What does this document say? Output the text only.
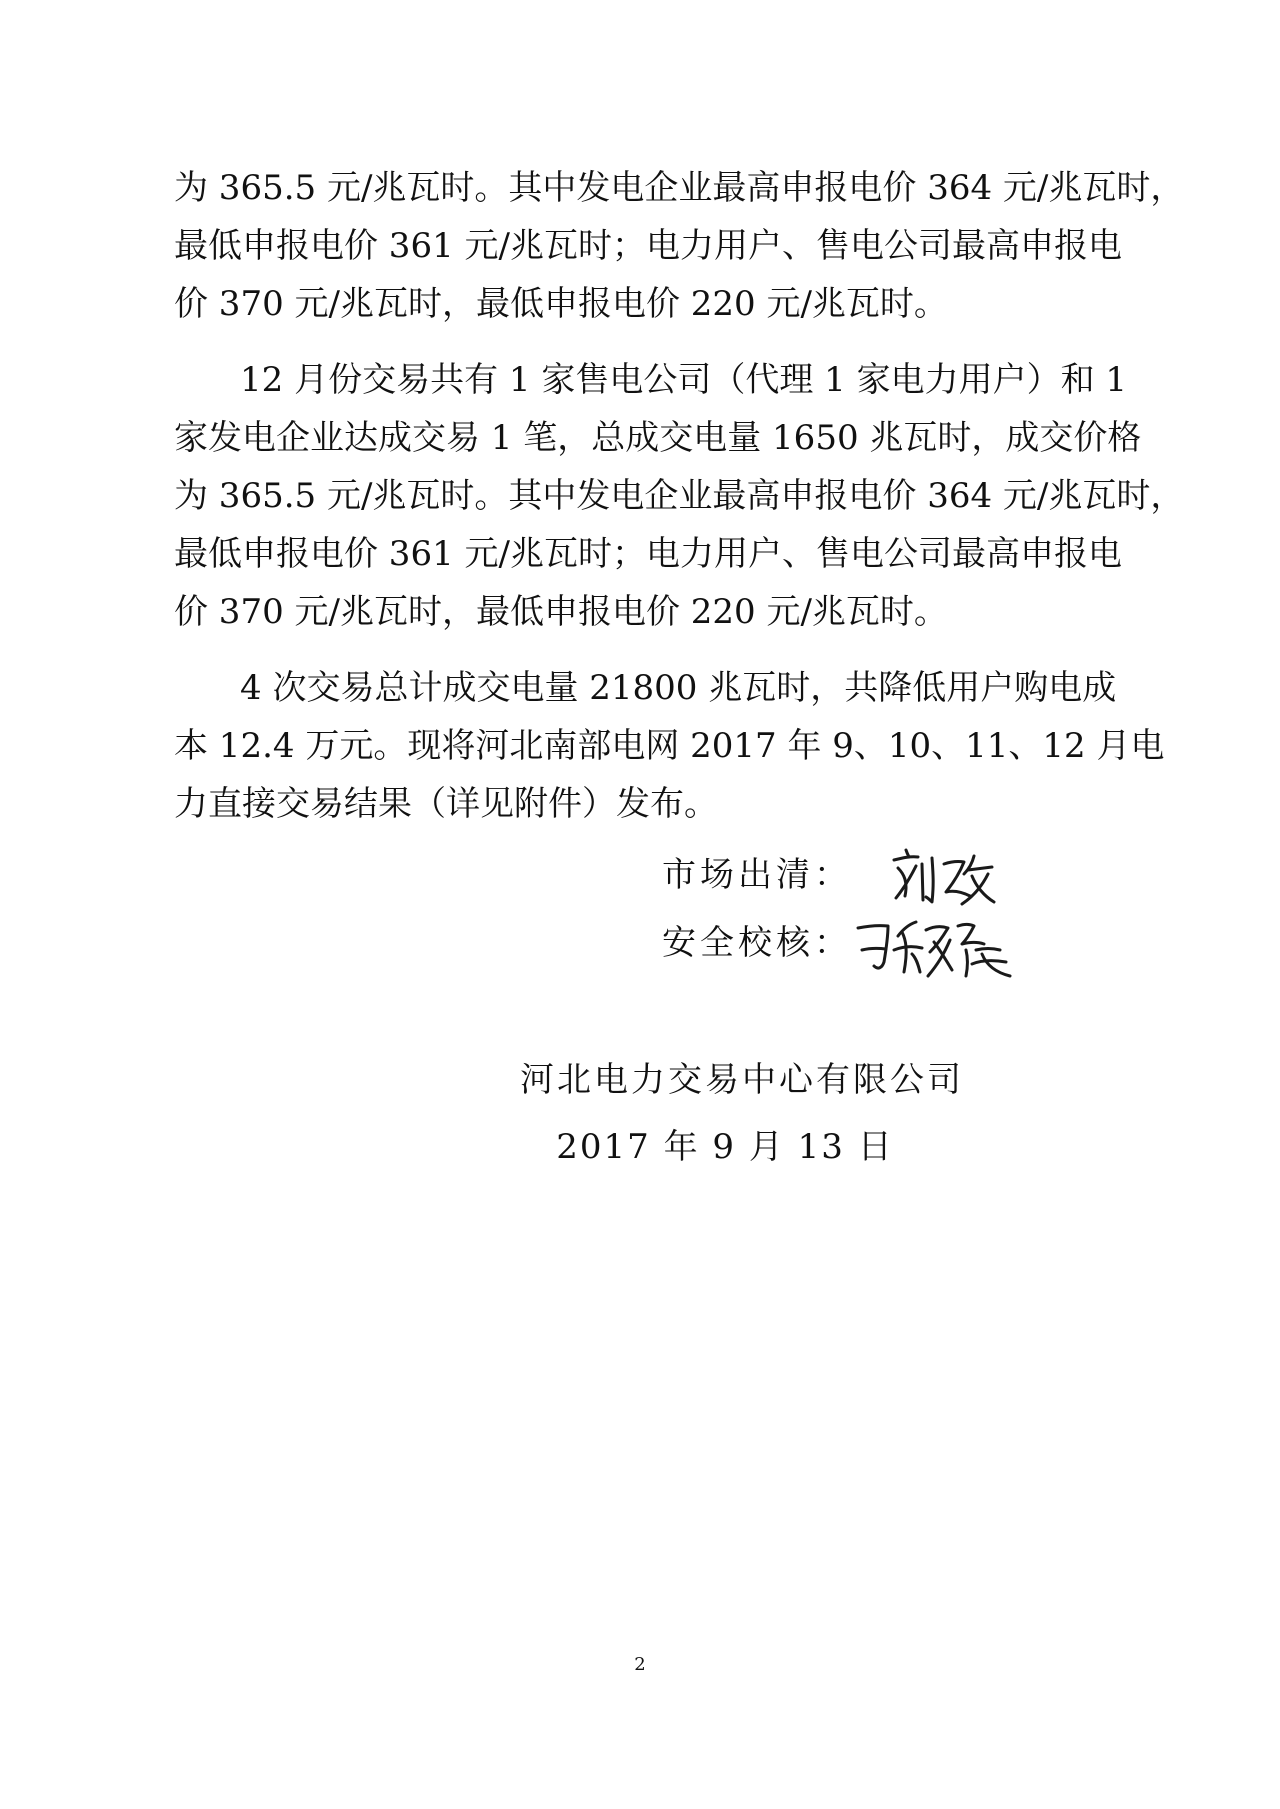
为 365.5 元/兆瓦时。其中发电企业最高申报电价 364 元/兆瓦时，
最低申报电价 361 元/兆瓦时；电力用户、售电公司最高申报电
价 370 元/兆瓦时，最低申报电价 220 元/兆瓦时。
12 月份交易共有 1 家售电公司（代理 1 家电力用户）和 1
家发电企业达成交易 1 笔，总成交电量 1650 兆瓦时，成交价格
为 365.5 元/兆瓦时。其中发电企业最高申报电价 364 元/兆瓦时，
最低申报电价 361 元/兆瓦时；电力用户、售电公司最高申报电
价 370 元/兆瓦时，最低申报电价 220 元/兆瓦时。
4 次交易总计成交电量 21800 兆瓦时，共降低用户购电成
本 12.4 万元。现将河北南部电网 2017 年 9、10、11、12 月电
力直接交易结果（详见附件）发布。
市场出清：
安全校核：
河北电力交易中心有限公司
2017 年 9 月 13 日
2
